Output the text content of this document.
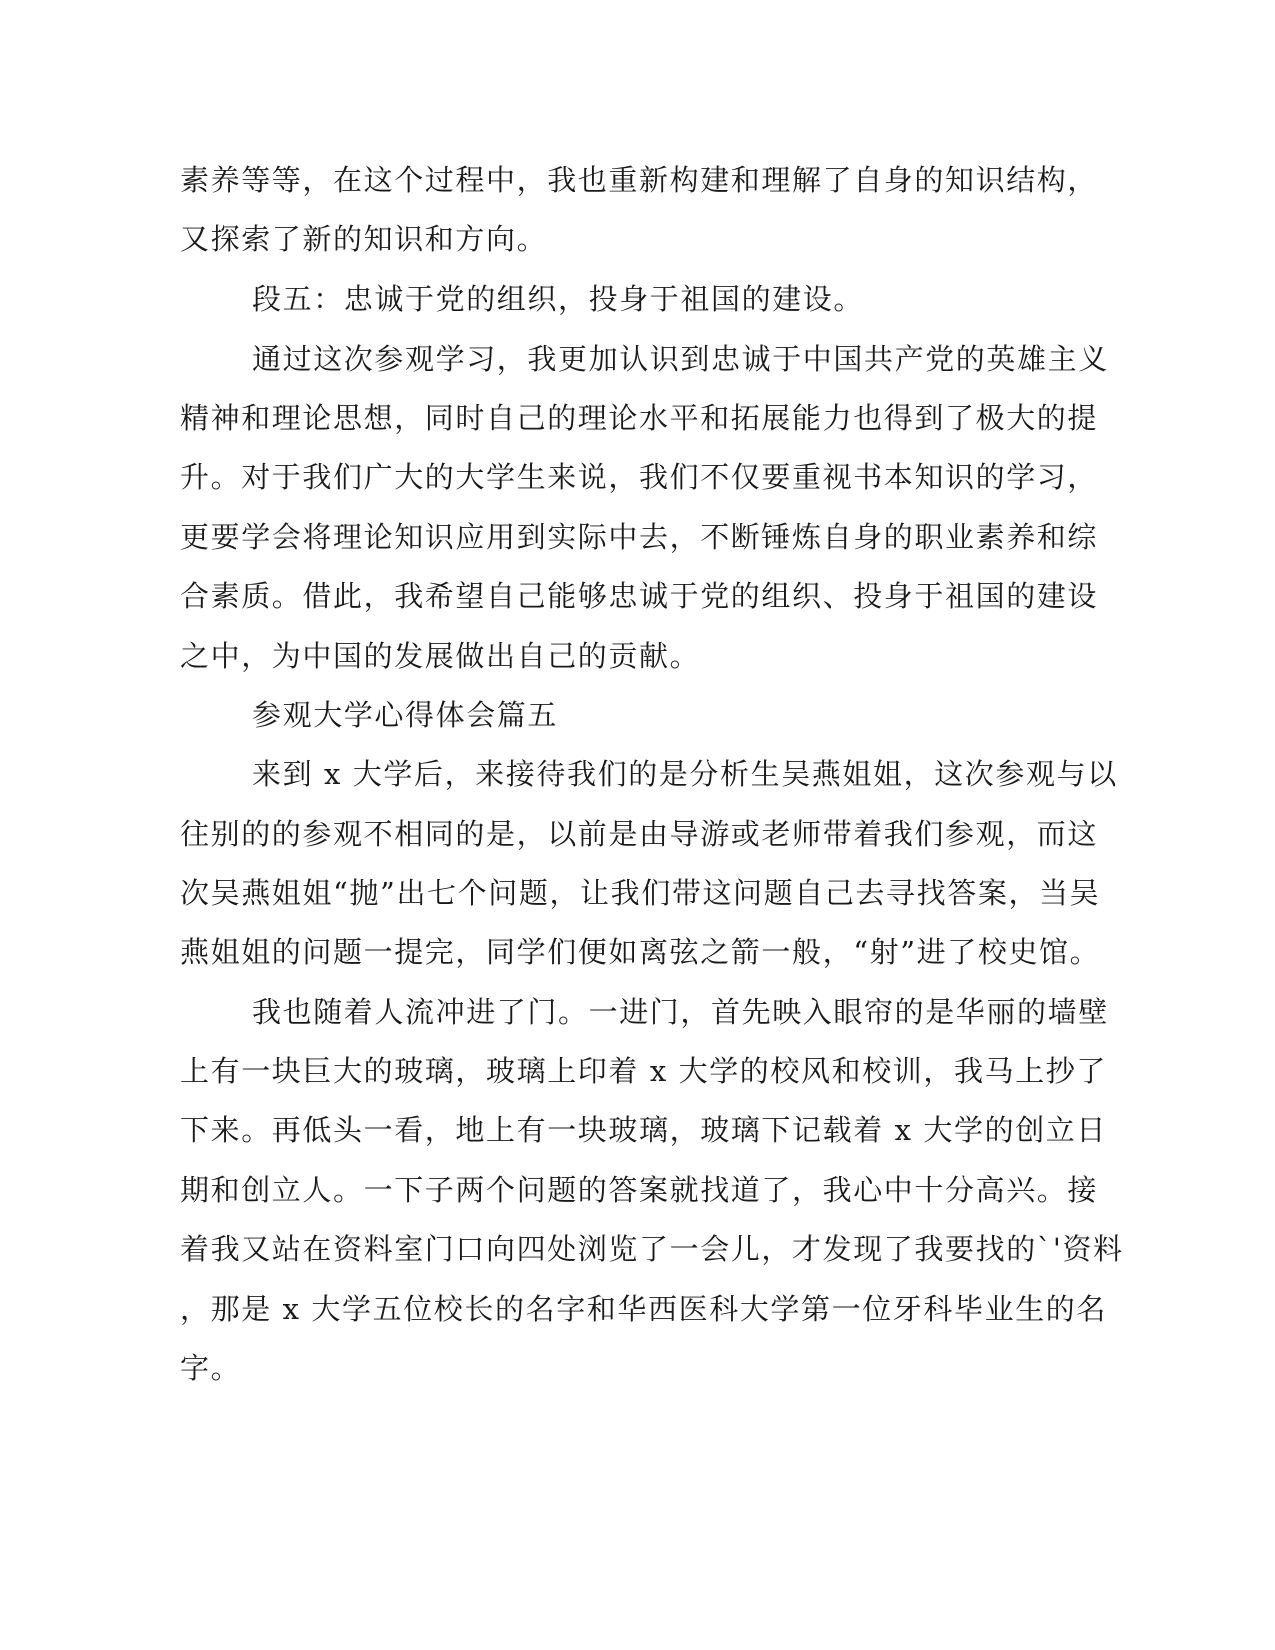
素养等等，在这个过程中，我也重新构建和理解了自身的知识结构，

又探索了新的知识和方向。

段五：忠诚于党的组织，投身于祖国的建设。

通过这次参观学习，我更加认识到忠诚于中国共产党的英雄主义

精神和理论思想，同时自己的理论水平和拓展能力也得到了极大的提

升。对于我们广大的大学生来说，我们不仅要重视书本知识的学习，

更要学会将理论知识应用到实际中去，不断锤炼自身的职业素养和综

合素质。借此，我希望自己能够忠诚于党的组织、投身于祖国的建设

之中，为中国的发展做出自己的贡献。

参观大学心得体会篇五

来到 x 大学后，来接待我们的是分析生吴燕姐姐，这次参观与以

往别的的参观不相同的是，以前是由导游或老师带着我们参观，而这

次吴燕姐姐“抛”出七个问题，让我们带这问题自己去寻找答案，当吴

燕姐姐的问题一提完，同学们便如离弦之箭一般，“射”进了校史馆。

我也随着人流冲进了门。一进门，首先映入眼帘的是华丽的墙壁

上有一块巨大的玻璃，玻璃上印着 x 大学的校风和校训，我马上抄了

下来。再低头一看，地上有一块玻璃，玻璃下记载着 x 大学的创立日

期和创立人。一下子两个问题的答案就找道了，我心中十分高兴。接

着我又站在资料室门口向四处浏览了一会儿，才发现了我要找的`'资料

，那是 x 大学五位校长的名字和华西医科大学第一位牙科毕业生的名

字。
